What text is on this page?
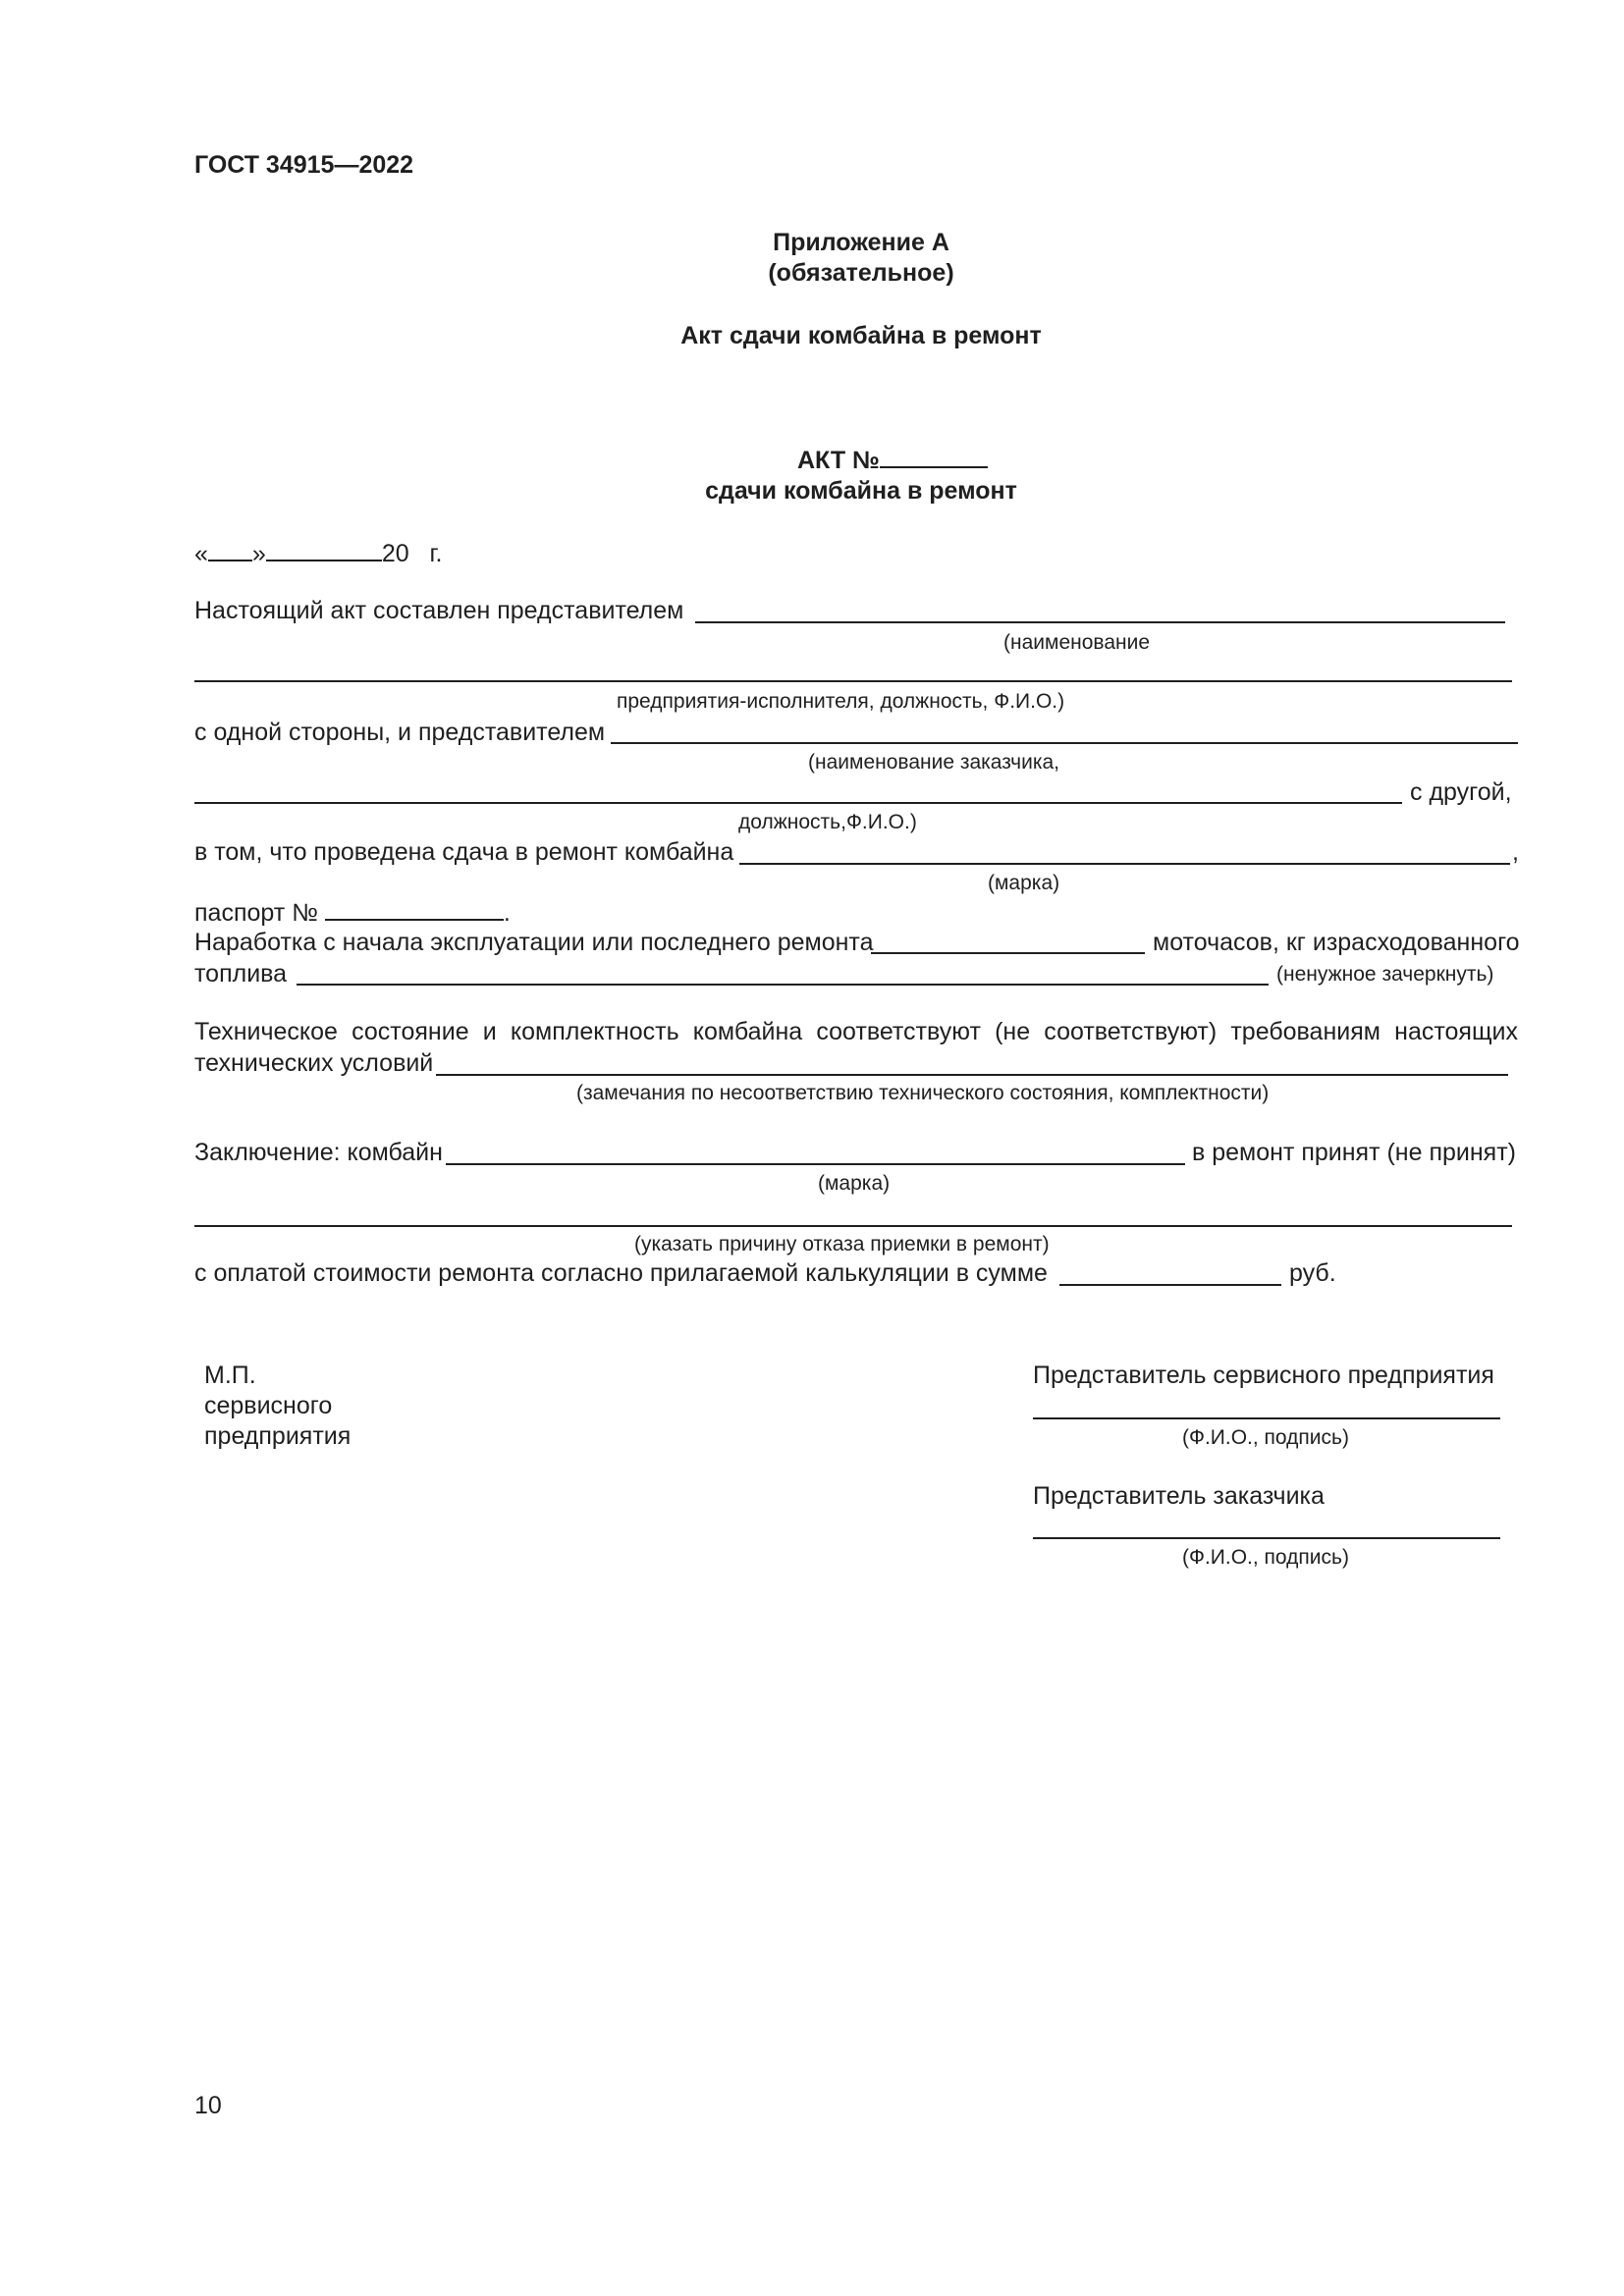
ГОСТ 34915—2022
Приложение А
(обязательное)
Акт сдачи комбайна в ремонт
АКТ №
сдачи комбайна в ремонт
« »	20 г.
Настоящий акт составлен представителем
(наименование
предприятия-исполнителя, должность, Ф.И.О.)
с одной стороны, и представителем
(наименование заказчика,
с другой,
должность,Ф.И.О.)
в том, что проведена сдача в ремонт комбайна	,
(марка)
паспорт №	.
Наработка с начала эксплуатации или последнего ремонта	моточасов, кг израсходованного
топлива	(ненужное зачеркнуть)
Техническое состояние и комплектность комбайна соответствуют (не соответствуют) требованиям настоящих
технических условий
(замечания по несоответствию технического состояния, комплектности)
Заключение: комбайн	в ремонт принят (не принят)
(марка)
(указать причину отказа приемки в ремонт)
с оплатой стоимости ремонта согласно прилагаемой калькуляции в сумме	руб.
М.П.
сервисного
предприятия
Представитель сервисного предприятия
(Ф.И.О., подпись)
Представитель заказчика
(Ф.И.О., подпись)
10
